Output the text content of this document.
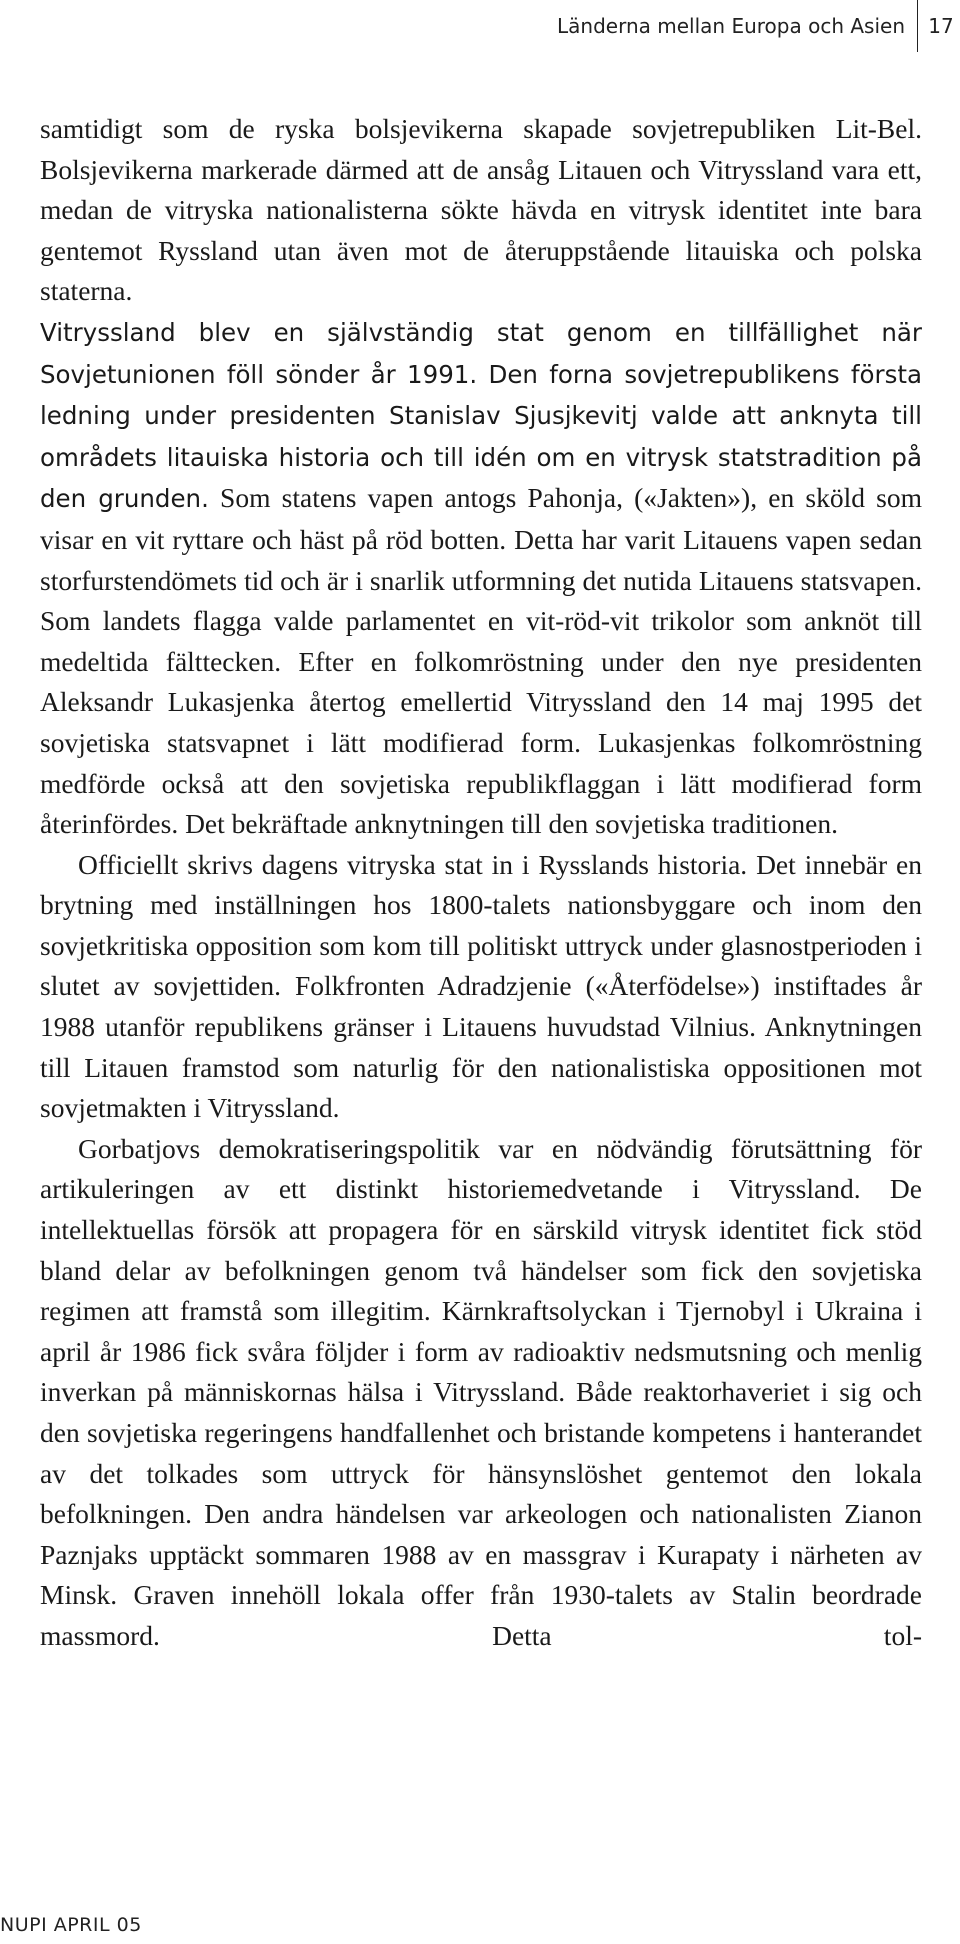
Länderna mellan Europa och Asien	17

samtidigt som de ryska bolsjevikerna skapade sovjetrepubliken Lit-Bel. Bolsjevikerna markerade därmed att de ansåg Litauen och Vitryssland vara ett, medan de vitryska nationalisterna sökte hävda en vitrysk identitet inte bara gentemot Ryssland utan även mot de återuppstående litauiska och polska staterna.
Vitryssland blev en självständig stat genom en tillfällighet när Sovjetunionen föll sönder år 1991. Den forna sovjetrepublikens första ledning under presidenten Stanislav Sjusjkevitj valde att anknyta till områdets litauiska historia och till idén om en vitrysk statstradition på den grunden. Som statens vapen antogs Pahonja, («Jakten»), en sköld som visar en vit ryttare och häst på röd botten. Detta har varit Litauens vapen sedan storfurstendömets tid och är i snarlik utformning det nutida Litauens statsvapen. Som landets flagga valde parlamentet en vit-röd-vit trikolor som anknöt till medeltida fälttecken. Efter en folkomröstning under den nye presidenten Aleksandr Lukasjenka återtog emellertid Vitryssland den 14 maj 1995 det sovjetiska statsvapnet i lätt modifierad form. Lukasjenkas folkomröstning medförde också att den sovjetiska republikflaggan i lätt modifierad form återinfördes. Det bekräftade anknytningen till den sovjetiska traditionen.

Officiellt skrivs dagens vitryska stat in i Rysslands historia. Det innebär en brytning med inställningen hos 1800-talets nationsbyggare och inom den sovjetkritiska opposition som kom till politiskt uttryck under glasnostperioden i slutet av sovjettiden. Folkfronten Adradzjenie («Återfödelse») instiftades år 1988 utanför republikens gränser i Litauens huvudstad Vilnius. Anknytningen till Litauen framstod som naturlig för den nationalistiska oppositionen mot sovjetmakten i Vitryssland.

Gorbatjovs demokratiseringspolitik var en nödvändig förutsättning för artikuleringen av ett distinkt historiemedvetande i Vitryssland. De intellektuellas försök att propagera för en särskild vitrysk identitet fick stöd bland delar av befolkningen genom två händelser som fick den sovjetiska regimen att framstå som illegitim. Kärnkraftsolyckan i Tjernobyl i Ukraina i april år 1986 fick svåra följder i form av radioaktiv nedsmutsning och menlig inverkan på människornas hälsa i Vitryssland. Både reaktorhaveriet i sig och den sovjetiska regeringens handfallenhet och bristande kompetens i hanterandet av det tolkades som uttryck för hänsynslöshet gentemot den lokala befolkningen. Den andra händelsen var arkeologen och nationalisten Zianon Paznjaks upptäckt sommaren 1988 av en massgrav i Kurapaty i närheten av Minsk. Graven innehöll lokala offer från 1930-talets av Stalin beordrade massmord. Detta tol-

NUPI APRIL 05
